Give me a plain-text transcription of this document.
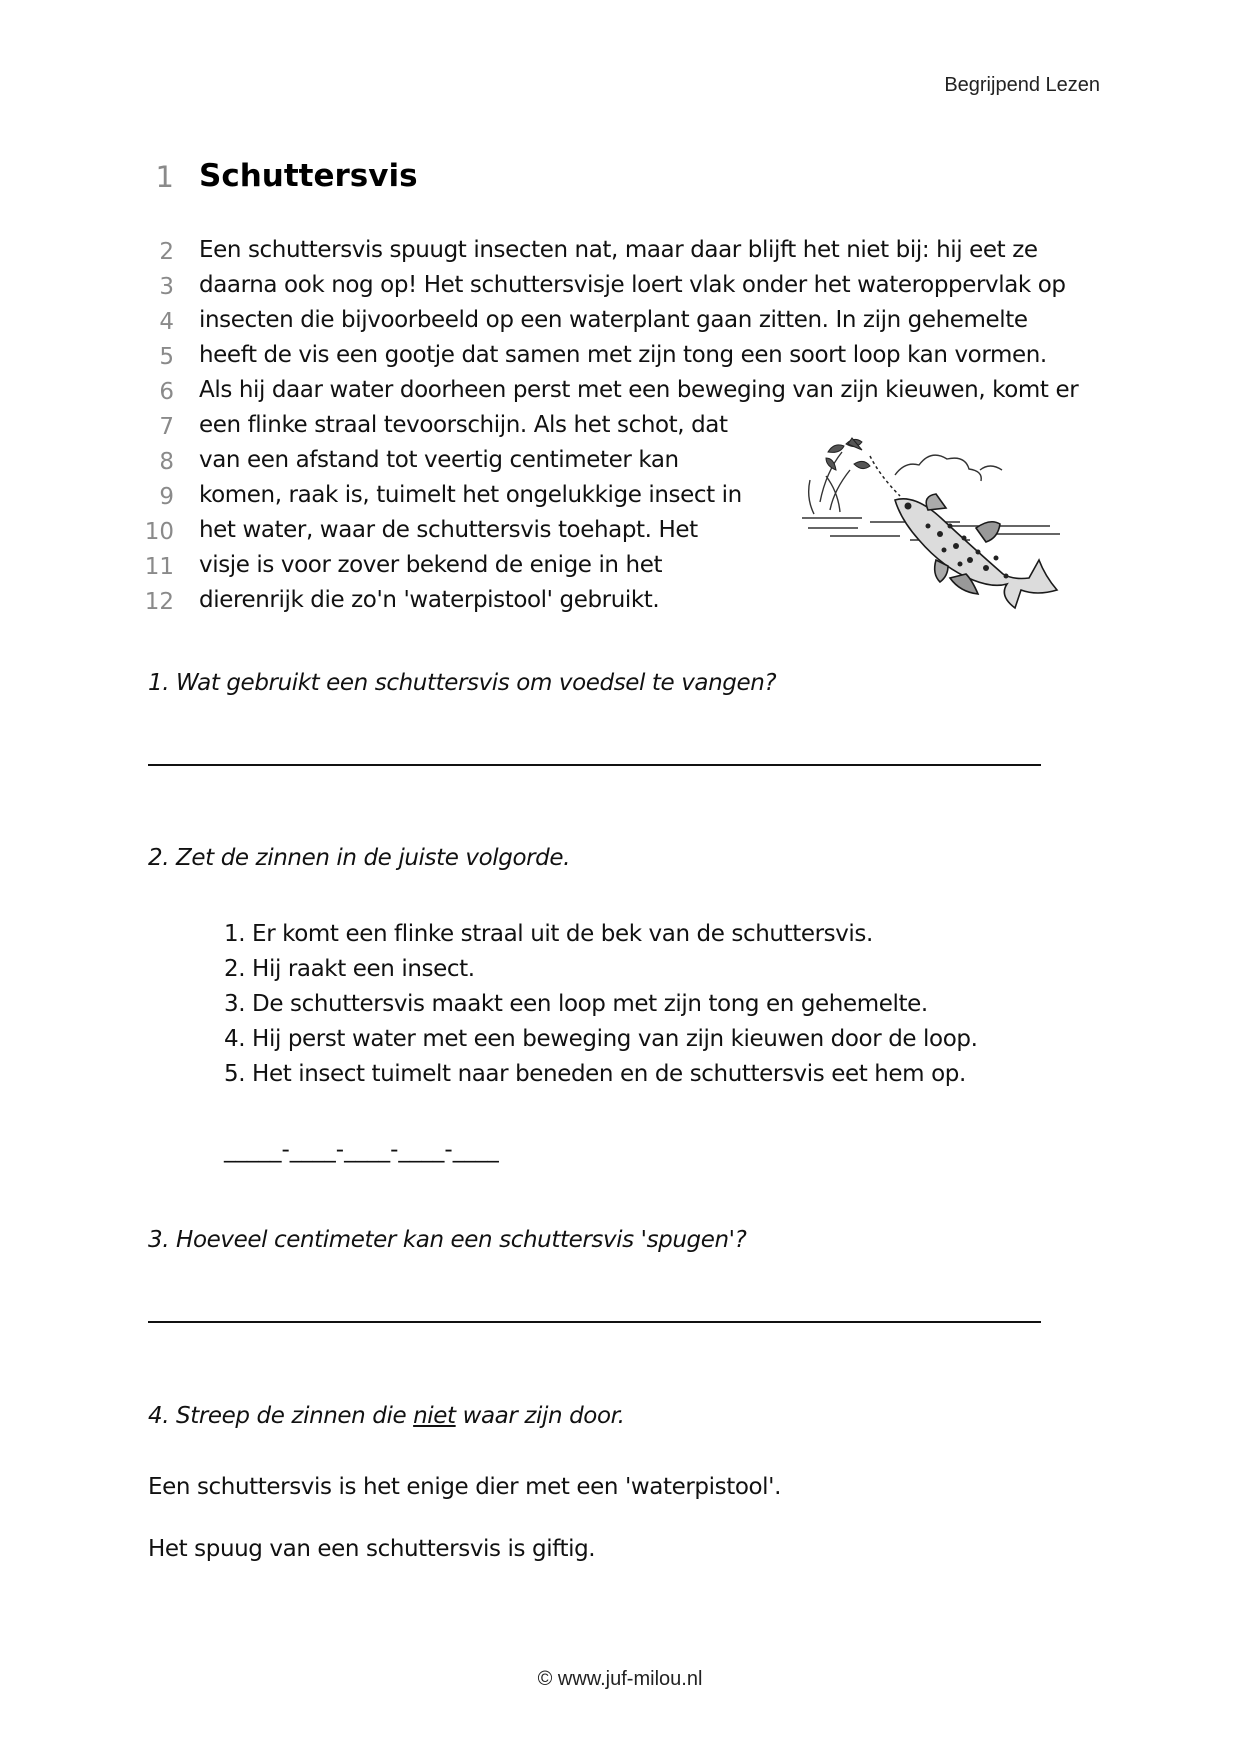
Begrijpend Lezen
1 Schuttersvis
2 Een schuttersvis spuugt insecten nat, maar daar blijft het niet bij: hij eet ze
3 daarna ook nog op! Het schuttersvisje loert vlak onder het wateroppervlak op
4 insecten die bijvoorbeeld op een waterplant gaan zitten. In zijn gehemelte
5 heeft de vis een gootje dat samen met zijn tong een soort loop kan vormen.
6 Als hij daar water doorheen perst met een beweging van zijn kieuwen, komt er
7 een flinke straal tevoorschijn. Als het schot, dat
8 van een afstand tot veertig centimeter kan
9 komen, raak is, tuimelt het ongelukkige insect in
10 het water, waar de schuttersvis toehapt. Het
11 visje is voor zover bekend de enige in het
12 dierenrijk die zo'n 'waterpistool' gebruikt.
1. Wat gebruikt een schuttersvis om voedsel te vangen?
2. Zet de zinnen in de juiste volgorde.
1. Er komt een flinke straal uit de bek van de schuttersvis.
2. Hij raakt een insect.
3. De schuttersvis maakt een loop met zijn tong en gehemelte.
4. Hij perst water met een beweging van zijn kieuwen door de loop.
5. Het insect tuimelt naar beneden en de schuttersvis eet hem op.
_____-____-____-____-____
3. Hoeveel centimeter kan een schuttersvis 'spugen'?
4. Streep de zinnen die niet waar zijn door.
Een schuttersvis is het enige dier met een 'waterpistool'.
Het spuug van een schuttersvis is giftig.
© www.juf-milou.nl
